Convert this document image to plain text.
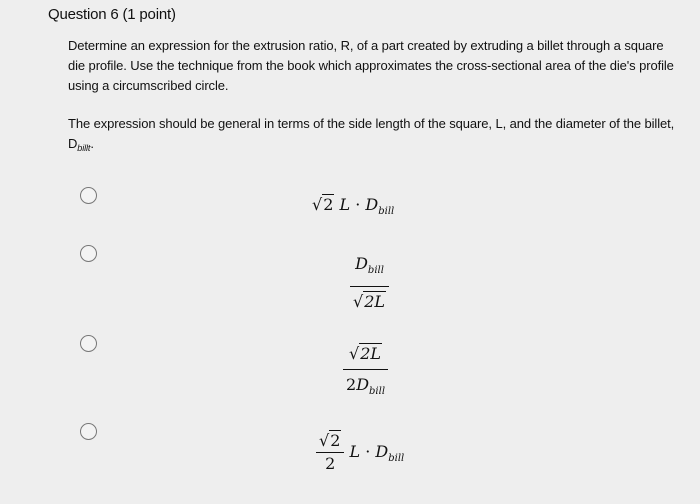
Question 6 (1 point)

Determine an expression for the extrusion ratio, R, of a part created by extruding a billet through a square die profile. Use the technique from the book which approximates the cross-sectional area of the die's profile using a circumscribed circle.

The expression should be general in terms of the side length of the square, L, and the diameter of the billet, $D_{billt}$.

√2 $L \cdot D_{bill}$
$\frac{D_{bill}}{√2L}$
$\frac{√2L}{2D_{bill}}$
$\frac{√2}{2}$ $L \cdot D_{bill}$
